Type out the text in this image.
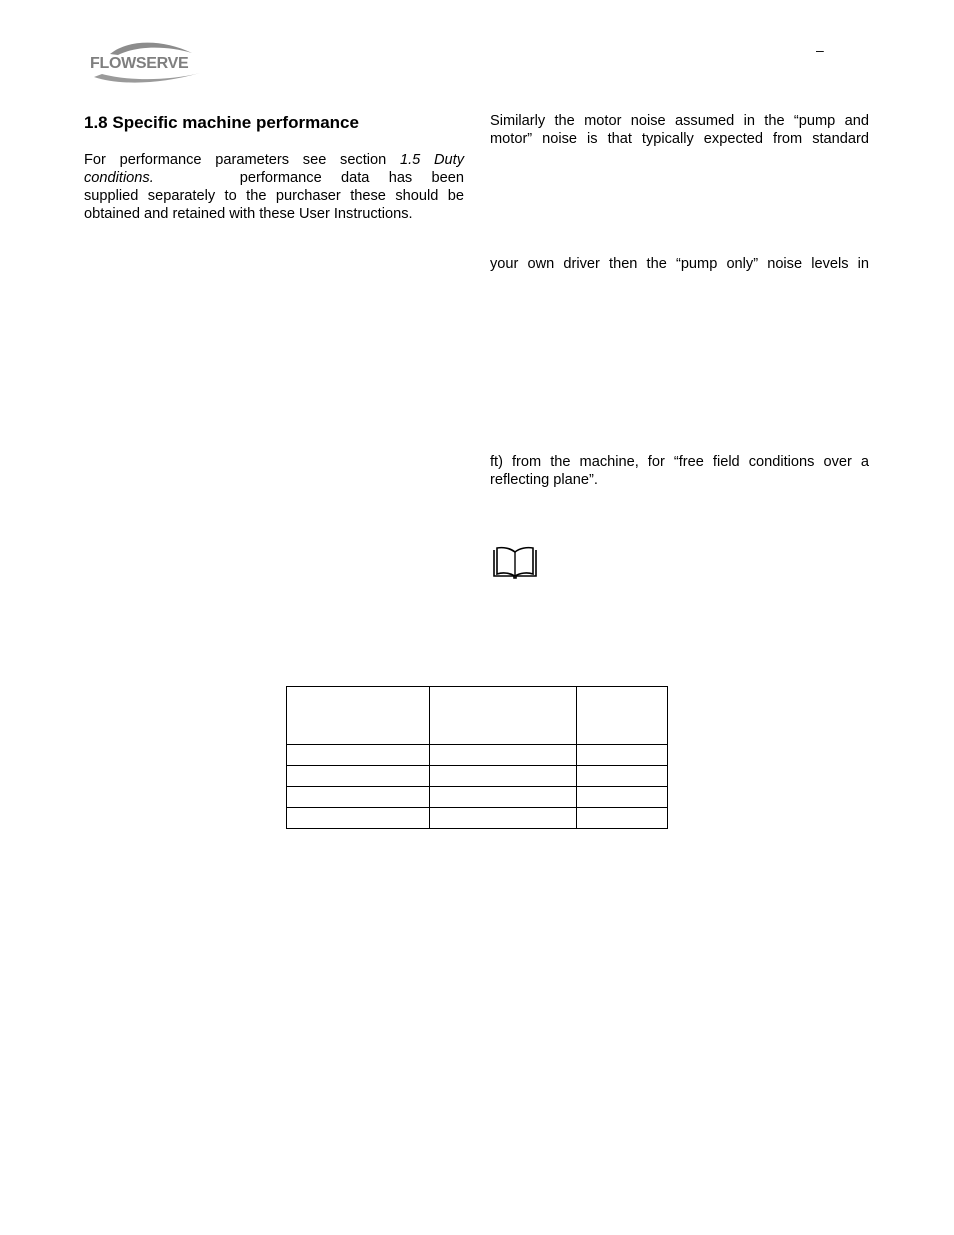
FLOWSERVE
–
1.8 Specific machine performance
For performance parameters see section 1.5 Duty
conditions.	performance data has been
supplied separately to the purchaser these should be
obtained and retained with these User Instructions.
Similarly the motor noise assumed in the “pump and
motor” noise is that typically expected from standard
your own driver then the “pump only” noise levels in
ft) from the machine, for “free field conditions over a
reflecting plane”.
